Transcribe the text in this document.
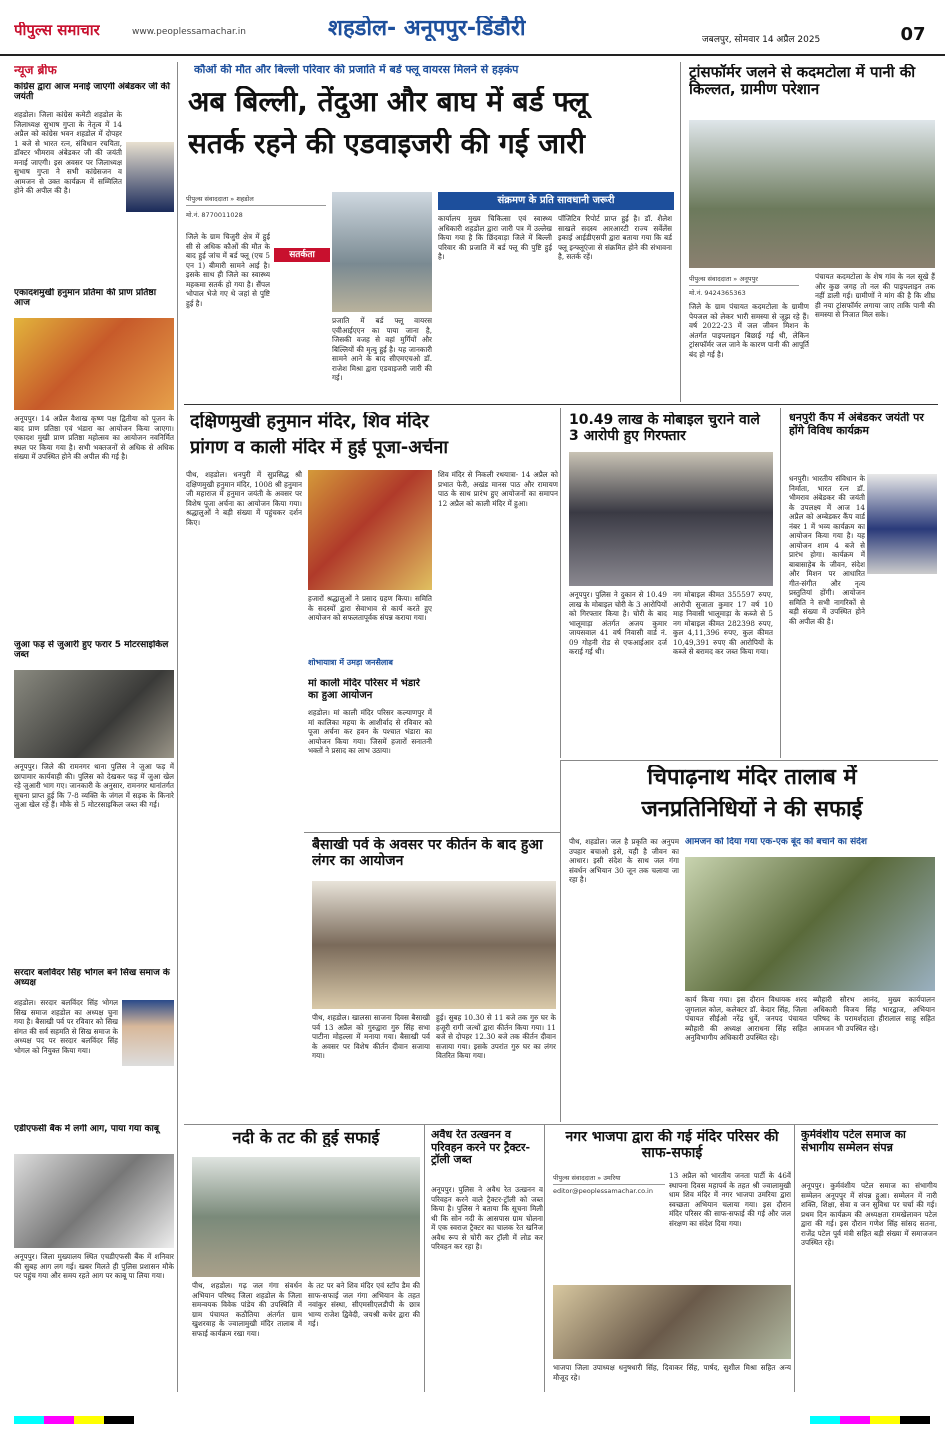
पीपुल्स समाचार	www.peoplessamachar.in	शहडोल- अनूपपुर-डिंडौरी	जबलपुर, सोमवार 14 अप्रैल 2025	07
न्यूज ब्रीफ
कांग्रेस द्वारा आज मनाई जाएगी अंबेडकर जी की जयंती
शहडोल। जिला कांग्रेस कमेटी शहडोल के जिलाध्यक्ष सुभाष गुप्ता के नेतृत्व में 14 अप्रैल को कांग्रेस भवन शहडोल में दोपहर 1 बजे से भारत रत्न, संविधान रचयिता, डॉक्टर भीमराव अंबेडकर जी की जयंती मनाई जाएगी। इस अवसर पर जिलाध्यक्ष सुभाष गुप्ता ने सभी कांग्रेसजन व आमजन से उक्त कार्यक्रम में सम्मिलित होने की अपील की है।
एकादशमुखी हनुमान प्रतिमा की प्राण प्रतिष्ठा आज
अनूपपुर। 14 अप्रैल वैशाख कृष्ण पक्ष द्वितीया को पूजन के बाद प्राण प्रतिष्ठा एवं भंडारा का आयोजन किया जाएगा। एकादश मुखी प्राण प्रतिष्ठा महोत्सव का आयोजन नवनिर्मित स्थल पर किया गया है। सभी भक्तजनों से अधिक से अधिक संख्या में उपस्थित होने की अपील की गई है।
जुआ फड़ से जुआरी हुए फरार 5 मोटरसाइकिल जब्त
अनूपपुर। जिले की रामनगर थाना पुलिस ने जुआ फड़ में छापामार कार्यवाही की। पुलिस को देखकर फड़ में जुआ खेल रहे जुआरी भाग गए। जानकारी के अनुसार, रामनगर थानांतर्गत सूचना प्राप्त हुई कि 7-8 व्यक्ति के जंगल में सड़क के किनारे जुआ खेल रहे हैं। मौके से 5 मोटरसाइकिल जब्त की गई।
सरदार बलविंदर सिंह भोगल बने सिख समाज के अध्यक्ष
शहडोल। सरदार बलविंदर सिंह भोगल सिख समाज शहडोल का अध्यक्ष चुना गया है। बैसाखी पर्व पर रविवार को सिख संगत की सर्व सहमति से सिख समाज के अध्यक्ष पद पर सरदार बलविंदर सिंह भोगल को नियुक्त किया गया।
एडीएफसी बैंक में लगी आग, पाया गया काबू
अनूपपुर। जिला मुख्यालय स्थित एचडीएफसी बैंक में शनिवार की सुबह आग लग गई। खबर मिलते ही पुलिस प्रशासन मौके पर पहुंच गया और समय रहते आग पर काबू पा लिया गया।
कौओं की मौत और बिल्ली परिवार की प्रजाति में बर्ड फ्लू वायरस मिलने से हड़कंप
अब बिल्ली, तेंदुआ और बाघ में बर्ड फ्लू
सतर्क रहने की एडवाइजरी की गई जारी
पीपुल्स संवाददाता » शहडोल
मो.नं. 8770011028
सतर्कता
संक्रमण के प्रति सावधानी जरूरी
जिले के ग्राम चिजुरी क्षेत्र में हुई सी से अधिक कौओं की मौत के बाद हुई जांच में बर्ड फ्लू (एच 5 एन 1) बीमारी सामने आई है। इसके साथ ही जिले का स्वास्थ्य महकमा सतर्क हो गया है। सैंपल भोपाल भेजे गए थे जहां से पुष्टि हुई है।
प्रजाति में बर्ड फ्लू वायरस एवीआईएएन का पाया जाना है, जिसकी वजह से वहां मुर्गियों और बिल्लियों की मृत्यु हुई है। यह जानकारी सामने आने के बाद सीएमएचओ डॉ. राजेश मिश्रा द्वारा एडवाइजरी जारी की गई।
कार्यालय मुख्य चिकित्सा एवं स्वास्थ्य अधिकारी शहडोल द्वारा जारी पत्र में उल्लेख किया गया है कि छिंदवाड़ा जिले में बिल्ली परिवार की प्रजाति में बर्ड फ्लू की पुष्टि हुई है।
पॉजिटिव रिपोर्ट प्राप्त हुई है। डॉ. शैलेश साखले सदस्य आरआरटी राज्य सर्वेलेंस इकाई आईडीएसपी द्वारा बताया गया कि बर्ड फ्लू इन्फ्लूएंजा से संक्रमित होने की संभावना है, सतर्क रहें।
ट्रांसफॉर्मर जलने से कदमटोला में पानी की किल्लत, ग्रामीण परेशान
पीपुल्स संवाददाता » अनूपपुर
मो.नं. 9424365363
जिले के ग्राम पंचायत कदमटोला के ग्रामीण पेयजल को लेकर भारी समस्या से जूझ रहे हैं। वर्ष 2022-23 में जल जीवन मिशन के अंतर्गत पाइपलाइन बिछाई गई थी, लेकिन ट्रांसफॉर्मर जल जाने के कारण पानी की आपूर्ति बंद हो गई है।
पंचायत कदमटोला के शेष गांव के नल सूखे हैं और कुछ जगह तो नल की पाइपलाइन तक नहीं डाली गई। ग्रामीणों ने मांग की है कि शीघ्र ही नया ट्रांसफॉर्मर लगाया जाए ताकि पानी की समस्या से निजात मिल सके।
दक्षिणमुखी हनुमान मंदिर, शिव मंदिर
प्रांगण व काली मंदिर में हुई पूजा-अर्चना
पीथ, शहडोल। धनपुरी में सुप्रसिद्ध श्री दक्षिणमुखी हनुमान मंदिर, 1008 श्री हनुमान जी महाराज में हनुमान जयंती के अवसर पर विशेष पूजा अर्चना का आयोजन किया गया। श्रद्धालुओं ने बड़ी संख्या में पहुंचकर दर्शन किए।
हजारों श्रद्धालुओं ने प्रसाद ग्रहण किया। समिति के सदस्यों द्वारा सेवाभाव से कार्य करते हुए आयोजन को सफलतापूर्वक संपन्न कराया गया।
शोभायात्रा में उमड़ा जनसैलाब
शिव मंदिर से निकली रथयात्रा- 14 अप्रैल को प्रभात फेरी, अखंड मानस पाठ और रामायण पाठ के साथ प्रारंभ हुए आयोजनों का समापन 12 अप्रैल को काली मंदिर में हुआ।
मां काली मंदिर परिसर में भंडारे का हुआ आयोजन
शहडोल। मां काली मंदिर परिसर कल्याणपुर में मां कालिका महया के आशीर्वाद से रविवार को पूजा अर्चना कर हवन के पश्चात भंडारा का आयोजन किया गया। जिसमें हजारों सनातनी भक्तों ने प्रसाद का लाभ उठाया।
10.49 लाख के मोबाइल चुराने वाले 3 आरोपी हुए गिरफ्तार
अनूपपुर। पुलिस ने दुकान से 10.49 लाख के मोबाइल चोरी के 3 आरोपियों को गिरफ्तार किया है। चोरी के बाद भालूमाड़ा अंतर्गत अजय कुमार जायसवाल 41 वर्ष निवासी वार्ड नं. 09 गोहनी रोड से एफआईआर दर्ज कराई गई थी।
नग मोबाइल कीमत 355597 रुपए, आरोपी सुजाता कुमार 17 वर्ष 10 माह निवासी भालूमाड़ा के कब्जे से 5 नग मोबाइल कीमत 282398 रुपए, कुल 4,11,396 रुपए, कुल कीमत 10,49,391 रुपए की आरोपियों के कब्जे से बरामद कर जब्त किया गया।
धनपुरी कैंप में अंबेडकर जयंती पर होंगे विविध कार्यक्रम
धनपुरी। भारतीय संविधान के निर्माता, भारत रत्न डॉ. भीमराव अंबेडकर की जयंती के उपलक्ष्य में आज 14 अप्रैल को अम्बेडकर कैंप वार्ड नंबर 1 में भव्य कार्यक्रम का आयोजन किया गया है। यह आयोजन शाम 4 बजे से प्रारंभ होगा। कार्यक्रम में बाबासाहेब के जीवन, संदेश और मिशन पर आधारित गीत-संगीत और नृत्य प्रस्तुतियां होंगी। आयोजन समिति ने सभी नागरिकों से बड़ी संख्या में उपस्थित होने की अपील की है।
बैसाखी पर्व के अवसर पर कीर्तन के बाद हुआ लंगर का आयोजन
पीथ, शहडोल। खालसा साजना दिवस बैसाखी पर्व 13 अप्रैल को गुरुद्वारा गुरु सिंह सभा पाटीना मोहल्ला में मनाया गया। बैसाखी पर्व के अवसर पर विशेष कीर्तन दीवान सजाया गया।
हुई। सुबह 10.30 से 11 बजे तक गुरु घर के हजूरी रागी जत्थों द्वारा कीर्तन किया गया। 11 बजे से दोपहर 12.30 बजे तक कीर्तन दीवान सजाया गया। इसके उपरांत गुरु घर का लंगर वितरित किया गया।
चिपाढ़नाथ मंदिर तालाब में
जनप्रतिनिधियों ने की सफाई
पीथ, शहडोल। जल है प्रकृति का अनुपम उपहार बचाओ इसे, यही है जीवन का आधार। इसी संदेश के साथ जल गंगा संवर्धन अभियान 30 जून तक चलाया जा रहा है।
आमजन को दिया गया एक-एक बूंद को बचाने का संदेश
कार्य किया गया। इस दौरान विधायक शरद जुगलाल कोल, कलेक्टर डॉ. केदार सिंह, जिला पंचायत सीईओ नरेंद्र धुर्वे, जनपद पंचायत ब्यौहारी की अध्यक्ष आराधना सिंह सहित अनुविभागीय अधिकारी उपस्थित रहे।
ब्यौहारी सौरभ आनंद, मुख्य कार्यपालन अधिकारी विजय सिंह भारद्वाज, अभियान परिषद के परामर्शदाता हीरालाल साहू सहित आमजन भी उपस्थित रहे।
नदी के तट की हुई सफाई
पीथ, शहडोल। गढ़ जल गंगा संवर्धन अभियान परिषद जिला शहडोल के जिला समन्वयक विवेक पांडेय की उपस्थिति में ग्राम पंचायत कठौतिया अंतर्गत ग्राम खुशरवाह के ज्वालामुखी मंदिर तालाब में सफाई कार्यक्रम रखा गया।
के तट पर बने शिव मंदिर एवं स्टॉप डैम की साफ-सफाई जल गंगा अभियान के तहत नवांकुर संस्था, सीएमसीएलडीपी के छात्र भाग्य राजेश द्विवेदी, जयश्री कचेर द्वारा की गई।
अवैध रेत उत्खनन व परिवहन करने पर ट्रैक्टर-ट्रॉली जब्त
अनूपपुर। पुलिस ने अवैध रेत उत्खनन व परिवहन करने वाले ट्रैक्टर-ट्रॉली को जब्त किया है। पुलिस ने बताया कि सूचना मिली थी कि सोन नदी के आसपास ग्राम चोलना में एक स्वराज ट्रैक्टर का चालक रेत खनिज अवैध रूप से चोरी कर ट्रॉली में लोड कर परिवहन कर रहा है।
नगर भाजपा द्वारा की गई मंदिर परिसर की साफ-सफाई
पीपुल्स संवाददाता » उमरिया
editor@peoplessamachar.co.in
13 अप्रैल को भारतीय जनता पार्टी के 46वें स्थापना दिवस महापर्व के तहत श्री ज्वालामुखी धाम शिव मंदिर में नगर भाजपा उमरिया द्वारा स्वच्छता अभियान चलाया गया। इस दौरान मंदिर परिसर की साफ-सफाई की गई और जल संरक्षण का संदेश दिया गया।
भाजपा जिला उपाध्यक्ष धनुषधारी सिंह, दिवाकर सिंह, पार्षद, सुशील मिश्रा सहित अन्य मौजूद रहे।
कुर्मवंशीय पटेल समाज का संभागीय सम्मेलन संपन्न
अनूपपुर। कुर्मवंशीय पटेल समाज का संभागीय सम्मेलन अनूपपुर में संपन्न हुआ। सम्मेलन में नारी शक्ति, शिक्षा, सेवा व जन सुविधा पर चर्चा की गई। प्रथम दिन कार्यक्रम की अध्यक्षता रामखेलावन पटेल द्वारा की गई। इस दौरान गणेश सिंह सांसद सतना, राजेंद्र पटेल पूर्व मंत्री सहित बड़ी संख्या में समाजजन उपस्थित रहे।
